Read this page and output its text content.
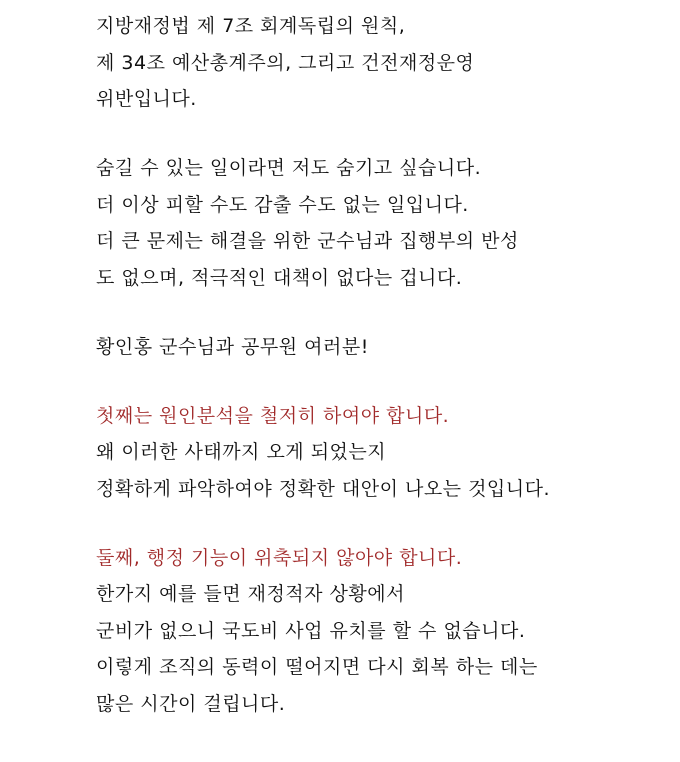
지방재정법 제 7조 회계독립의 원칙,
제 34조 예산총계주의, 그리고 건전재정운영
위반입니다.
숨길 수 있는 일이라면 저도 숨기고 싶습니다.
더 이상 피할 수도 감출 수도 없는 일입니다.
더 큰 문제는 해결을 위한 군수님과 집행부의 반성
도 없으며, 적극적인 대책이 없다는 겁니다.
황인홍 군수님과 공무원 여러분!
첫째는 원인분석을 철저히 하여야 합니다.
왜 이러한 사태까지 오게 되었는지
정확하게 파악하여야 정확한 대안이 나오는 것입니다.
둘째, 행정 기능이 위축되지 않아야 합니다.
한가지 예를 들면 재정적자 상황에서
군비가 없으니 국도비 사업 유치를 할 수 없습니다.
이렇게 조직의 동력이 떨어지면 다시 회복 하는 데는
많은 시간이 걸립니다.
